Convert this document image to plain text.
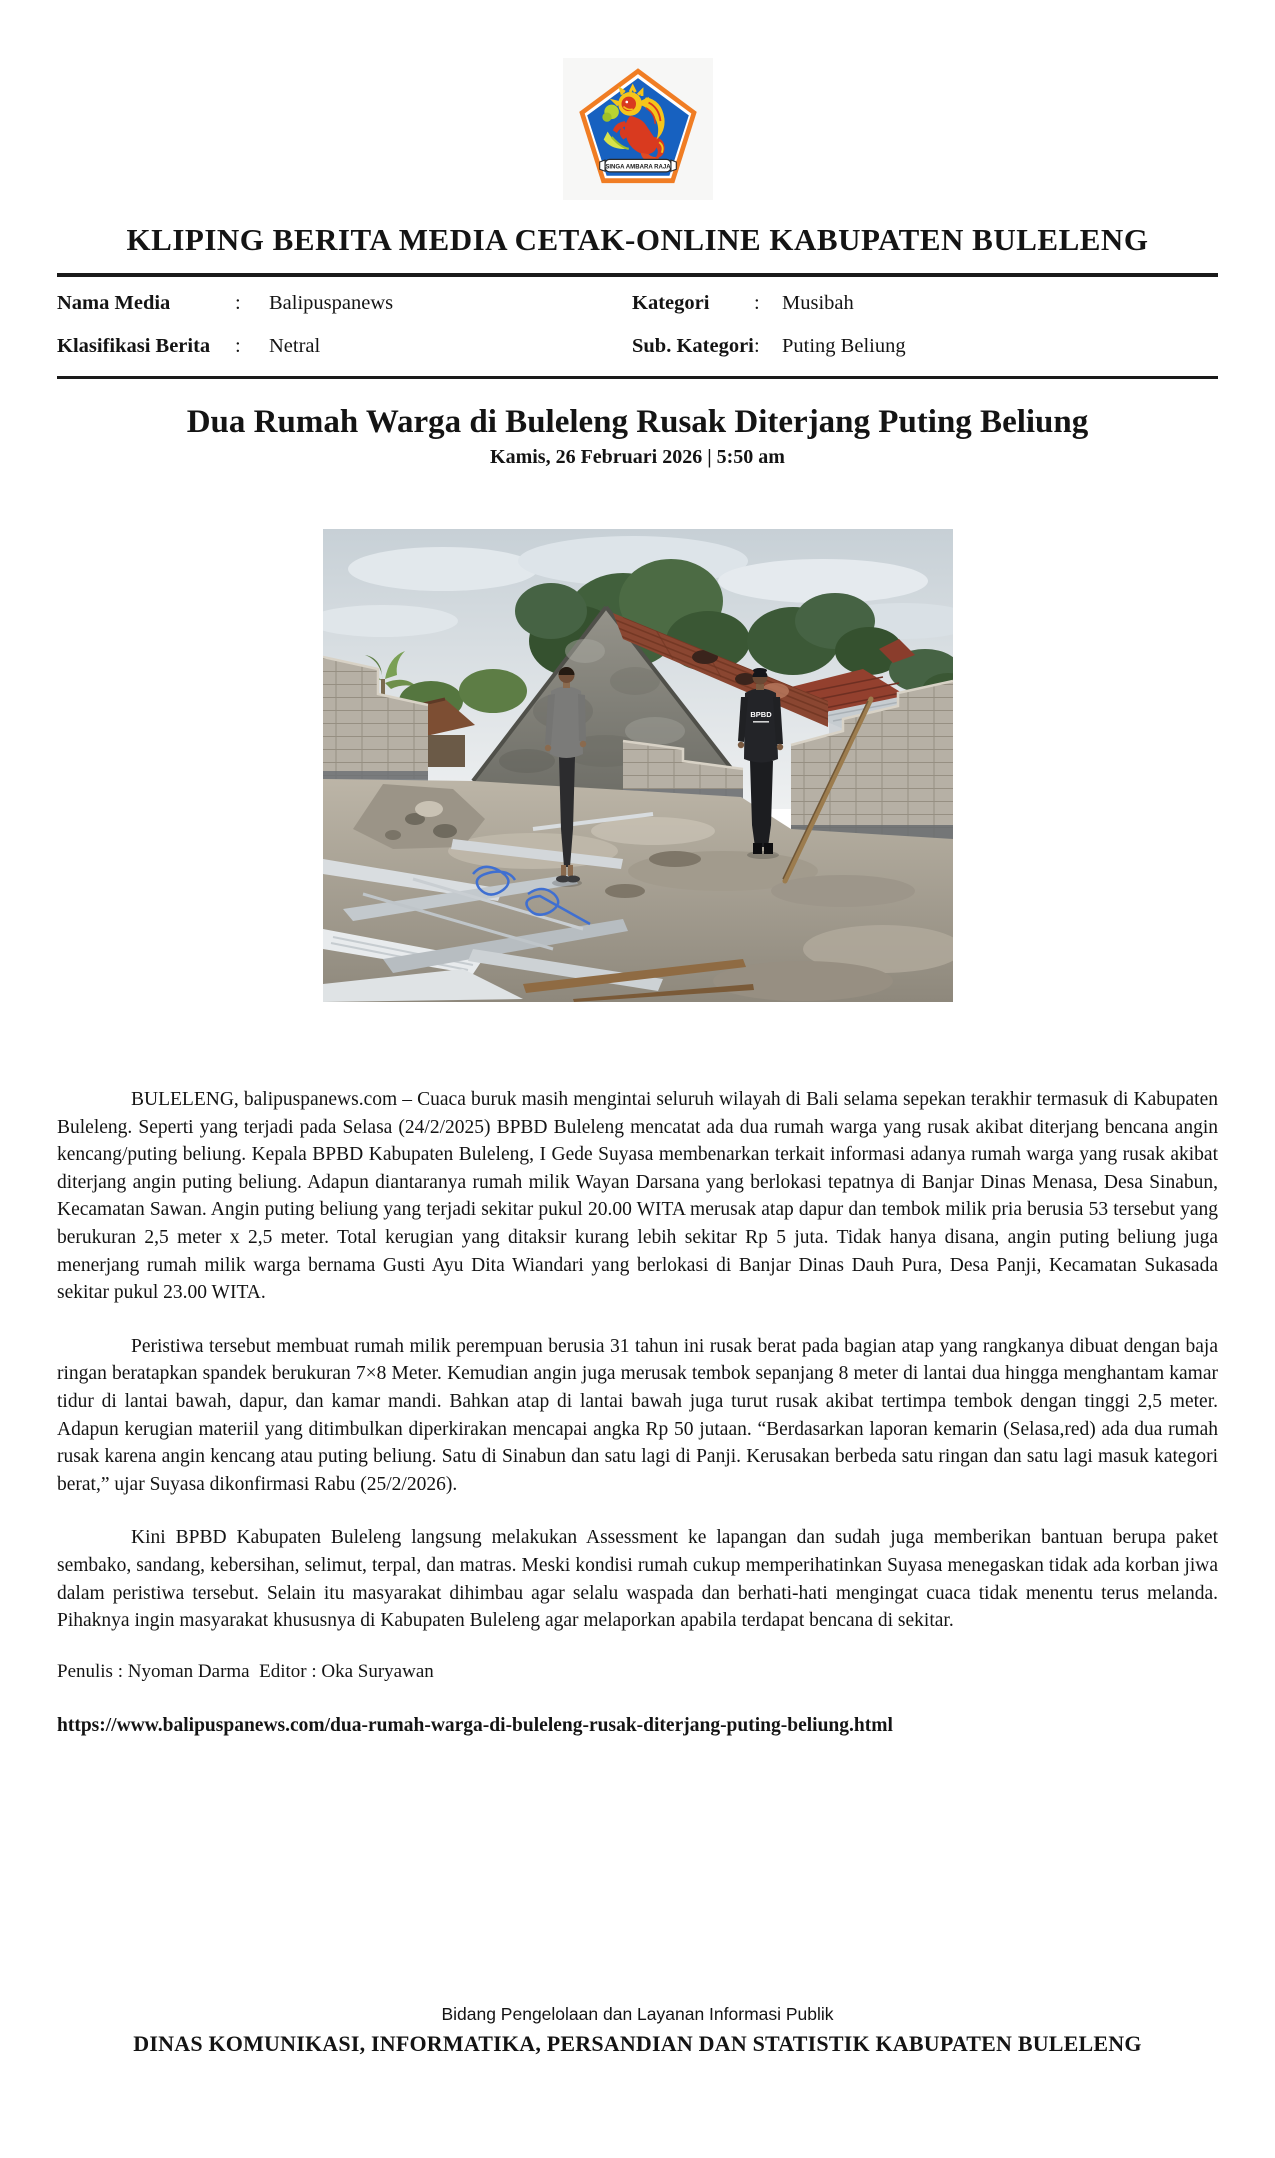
SINGA AMBARA RAJA
KLIPING BERITA MEDIA CETAK-ONLINE KABUPATEN BULELENG
Nama Media	:	Balipuspanews	Kategori	:	Musibah
Klasifikasi Berita	:	Netral	Sub. Kategori :	Puting Beliung
Dua Rumah Warga di Buleleng Rusak Diterjang Puting Beliung
Kamis, 26 Februari 2026 | 5:50 am
BPBD

BULELENG, balipuspanews.com – Cuaca buruk masih mengintai seluruh wilayah di Bali selama sepekan terakhir termasuk di Kabupaten Buleleng. Seperti yang terjadi pada Selasa (24/2/2025) BPBD Buleleng mencatat ada dua rumah warga yang rusak akibat diterjang bencana angin kencang/puting beliung. Kepala BPBD Kabupaten Buleleng, I Gede Suyasa membenarkan terkait informasi adanya rumah warga yang rusak akibat diterjang angin puting beliung. Adapun diantaranya rumah milik Wayan Darsana yang berlokasi tepatnya di Banjar Dinas Menasa, Desa Sinabun, Kecamatan Sawan. Angin puting beliung yang terjadi sekitar pukul 20.00 WITA merusak atap dapur dan tembok milik pria berusia 53 tersebut yang berukuran 2,5 meter x 2,5 meter. Total kerugian yang ditaksir kurang lebih sekitar Rp 5 juta. Tidak hanya disana, angin puting beliung juga menerjang rumah milik warga bernama Gusti Ayu Dita Wiandari yang berlokasi di Banjar Dinas Dauh Pura, Desa Panji, Kecamatan Sukasada sekitar pukul 23.00 WITA.

Peristiwa tersebut membuat rumah milik perempuan berusia 31 tahun ini rusak berat pada bagian atap yang rangkanya dibuat dengan baja ringan beratapkan spandek berukuran 7×8 Meter. Kemudian angin juga merusak tembok sepanjang 8 meter di lantai dua hingga menghantam kamar tidur di lantai bawah, dapur, dan kamar mandi. Bahkan atap di lantai bawah juga turut rusak akibat tertimpa tembok dengan tinggi 2,5 meter. Adapun kerugian materiil yang ditimbulkan diperkirakan mencapai angka Rp 50 jutaan. “Berdasarkan laporan kemarin (Selasa,red) ada dua rumah rusak karena angin kencang atau puting beliung. Satu di Sinabun dan satu lagi di Panji. Kerusakan berbeda satu ringan dan satu lagi masuk kategori berat,” ujar Suyasa dikonfirmasi Rabu (25/2/2026).

Kini BPBD Kabupaten Buleleng langsung melakukan Assessment ke lapangan dan sudah juga memberikan bantuan berupa paket sembako, sandang, kebersihan, selimut, terpal, dan matras. Meski kondisi rumah cukup memperihatinkan Suyasa menegaskan tidak ada korban jiwa dalam peristiwa tersebut. Selain itu masyarakat dihimbau agar selalu waspada dan berhati-hati mengingat cuaca tidak menentu terus melanda. Pihaknya ingin masyarakat khususnya di Kabupaten Buleleng agar melaporkan apabila terdapat bencana di sekitar.

Penulis : Nyoman Darma  Editor : Oka Suryawan
https://www.balipuspanews.com/dua-rumah-warga-di-buleleng-rusak-diterjang-puting-beliung.html
Bidang Pengelolaan dan Layanan Informasi Publik
DINAS KOMUNIKASI, INFORMATIKA, PERSANDIAN DAN STATISTIK KABUPATEN BULELENG
